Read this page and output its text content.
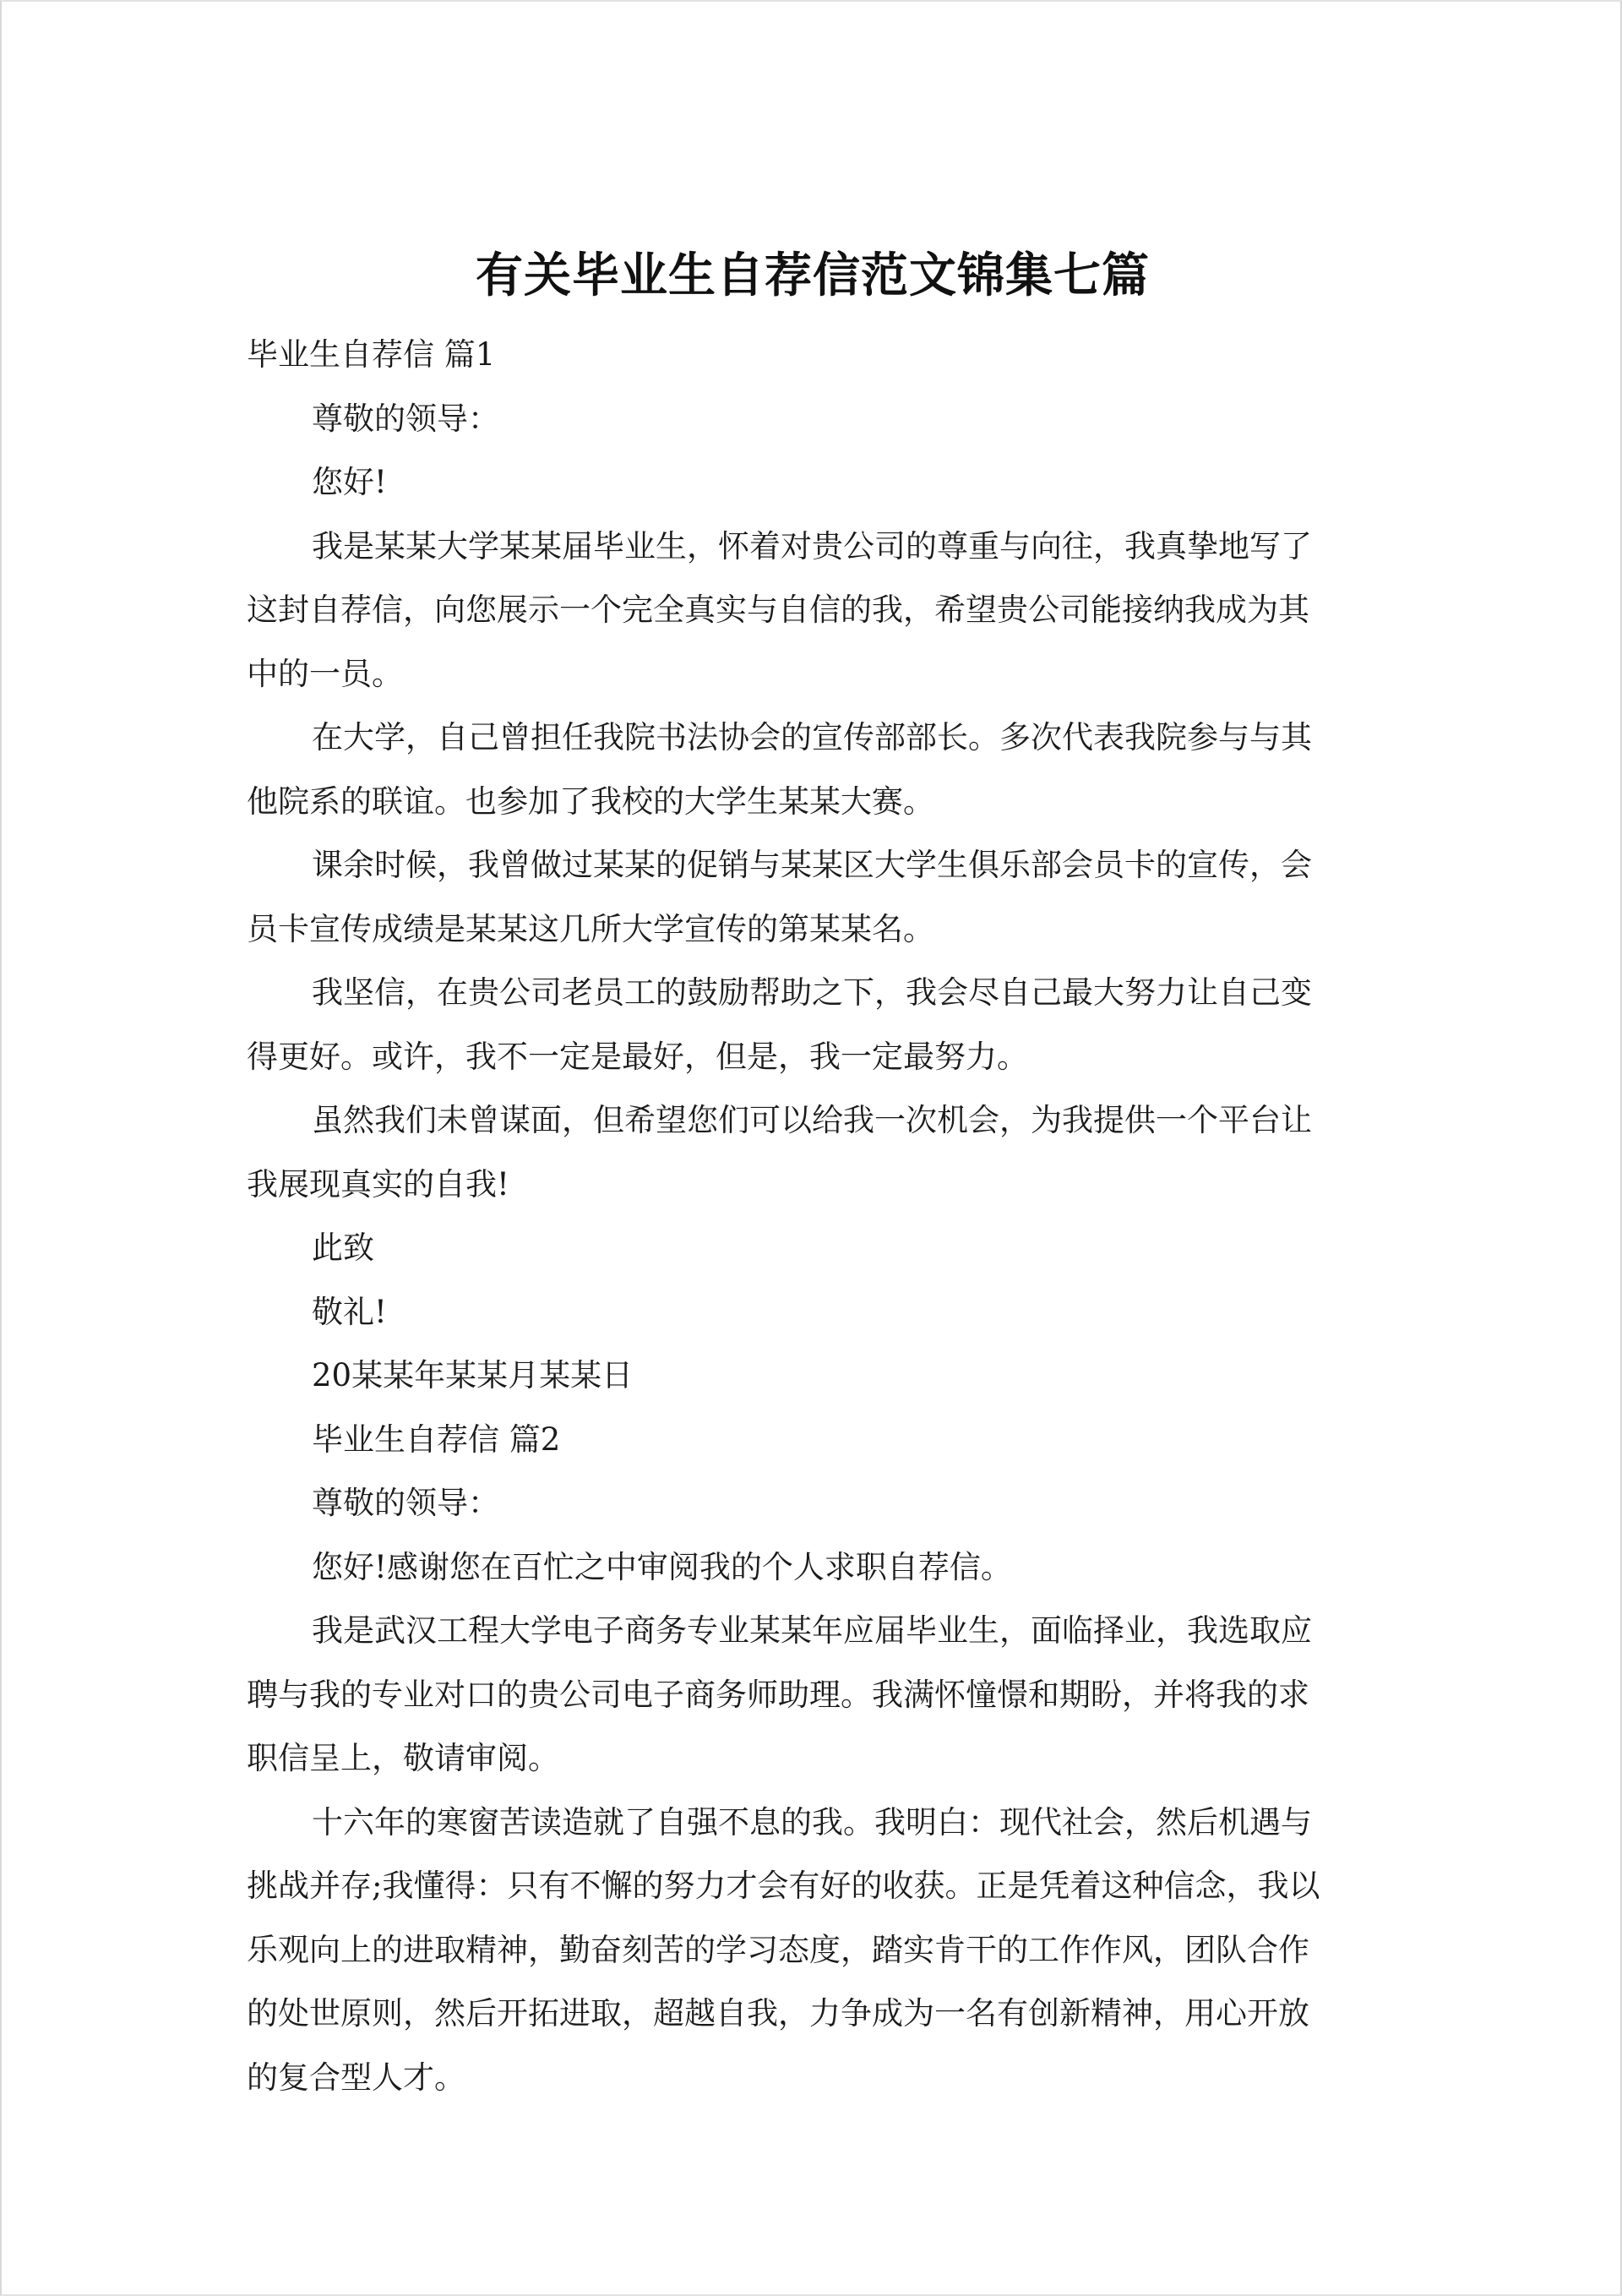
有关毕业生自荐信范文锦集七篇
毕业生自荐信 篇1
尊敬的领导：
您好!
我是某某大学某某届毕业生，怀着对贵公司的尊重与向往，我真挚地写了
这封自荐信，向您展示一个完全真实与自信的我，希望贵公司能接纳我成为其
中的一员。
在大学，自己曾担任我院书法协会的宣传部部长。多次代表我院参与与其
他院系的联谊。也参加了我校的大学生某某大赛。
课余时候，我曾做过某某的促销与某某区大学生俱乐部会员卡的宣传，会
员卡宣传成绩是某某这几所大学宣传的第某某名。
我坚信，在贵公司老员工的鼓励帮助之下，我会尽自己最大努力让自己变
得更好。或许，我不一定是最好，但是，我一定最努力。
虽然我们未曾谋面，但希望您们可以给我一次机会，为我提供一个平台让
我展现真实的自我!
此致
敬礼!
20某某年某某月某某日
毕业生自荐信 篇2
尊敬的领导：
您好!感谢您在百忙之中审阅我的个人求职自荐信。
我是武汉工程大学电子商务专业某某年应届毕业生，面临择业，我选取应
聘与我的专业对口的贵公司电子商务师助理。我满怀憧憬和期盼，并将我的求
职信呈上，敬请审阅。
十六年的寒窗苦读造就了自强不息的我。我明白：现代社会，然后机遇与
挑战并存;我懂得：只有不懈的努力才会有好的收获。正是凭着这种信念，我以
乐观向上的进取精神，勤奋刻苦的学习态度，踏实肯干的工作作风，团队合作
的处世原则，然后开拓进取，超越自我，力争成为一名有创新精神，用心开放
的复合型人才。
